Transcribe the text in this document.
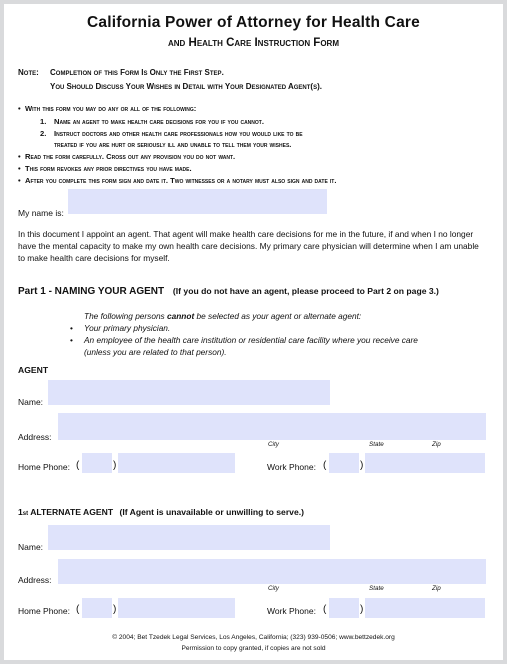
California Power of Attorney for Health Care
and Health Care Instruction Form
Note: Completion of this Form Is Only the First Step.
You Should Discuss Your Wishes in Detail with Your Designated Agent(s).
• With this form you may do any or all of the following:
1. Name an agent to make health care decisions for you if you cannot.
2. Instruct doctors and other health care professionals how you would like to be
treated if you are hurt or seriously ill and unable to tell them your wishes.
• Read the form carefully. Cross out any provision you do not want.
• This form revokes any prior directives you have made.
• After you complete this form sign and date it. Two witnesses or a notary must also sign and date it.
My name is:
In this document I appoint an agent. That agent will make health care decisions for me in the future, if and when I no longer have the mental capacity to make my own health care decisions. My primary care physician will determine when I am unable to make health care decisions for myself.
Part 1 - NAMING YOUR AGENT (If you do not have an agent, please proceed to Part 2 on page 3.)
The following persons cannot be selected as your agent or alternate agent:
• Your primary physician.
• An employee of the health care institution or residential care facility where you receive care
(unless you are related to that person).
AGENT
Name:
Address:
City	State	Zip
Home Phone: (	)	Work Phone: (	)
1st ALTERNATE AGENT (If Agent is unavailable or unwilling to serve.)
Name:
Address:
City	State	Zip
Home Phone: (	)	Work Phone: (	)
© 2004; Bet Tzedek Legal Services, Los Angeles, California; (323) 939-0506; www.bettzedek.org
Permission to copy granted, if copies are not sold
